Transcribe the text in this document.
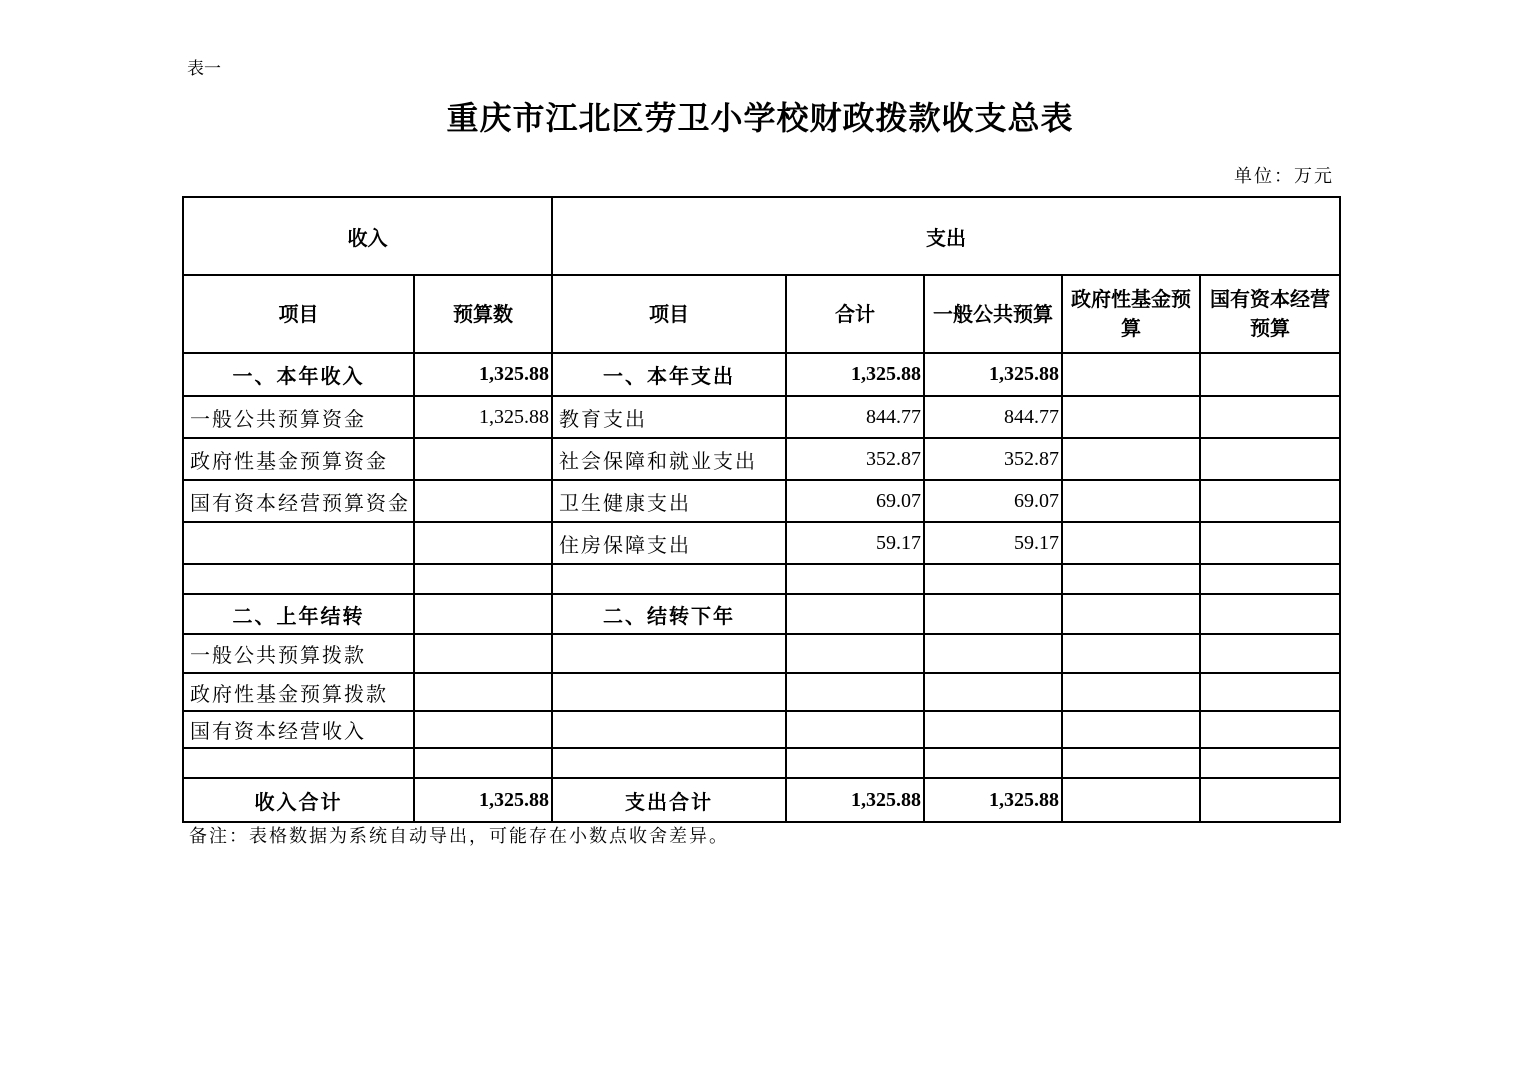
表一
重庆市江北区劳卫小学校财政拨款收支总表
单位：万元
收入		支出				
项目	预算数	项目	合计	一般公共预算	政府性基金预算	国有资本经营预算
一、本年收入	1,325.88	一、本年支出	1,325.88	1,325.88		
一般公共预算资金	1,325.88	教育支出	844.77	844.77		
政府性基金预算资金		社会保障和就业支出	352.87	352.87		
国有资本经营预算资金		卫生健康支出	69.07	69.07		
		住房保障支出	59.17	59.17		

二、上年结转		二、结转下年				
一般公共预算拨款						
政府性基金预算拨款						
国有资本经营收入						

收入合计	1,325.88	支出合计	1,325.88	1,325.88		
备注：表格数据为系统自动导出，可能存在小数点收舍差异。
